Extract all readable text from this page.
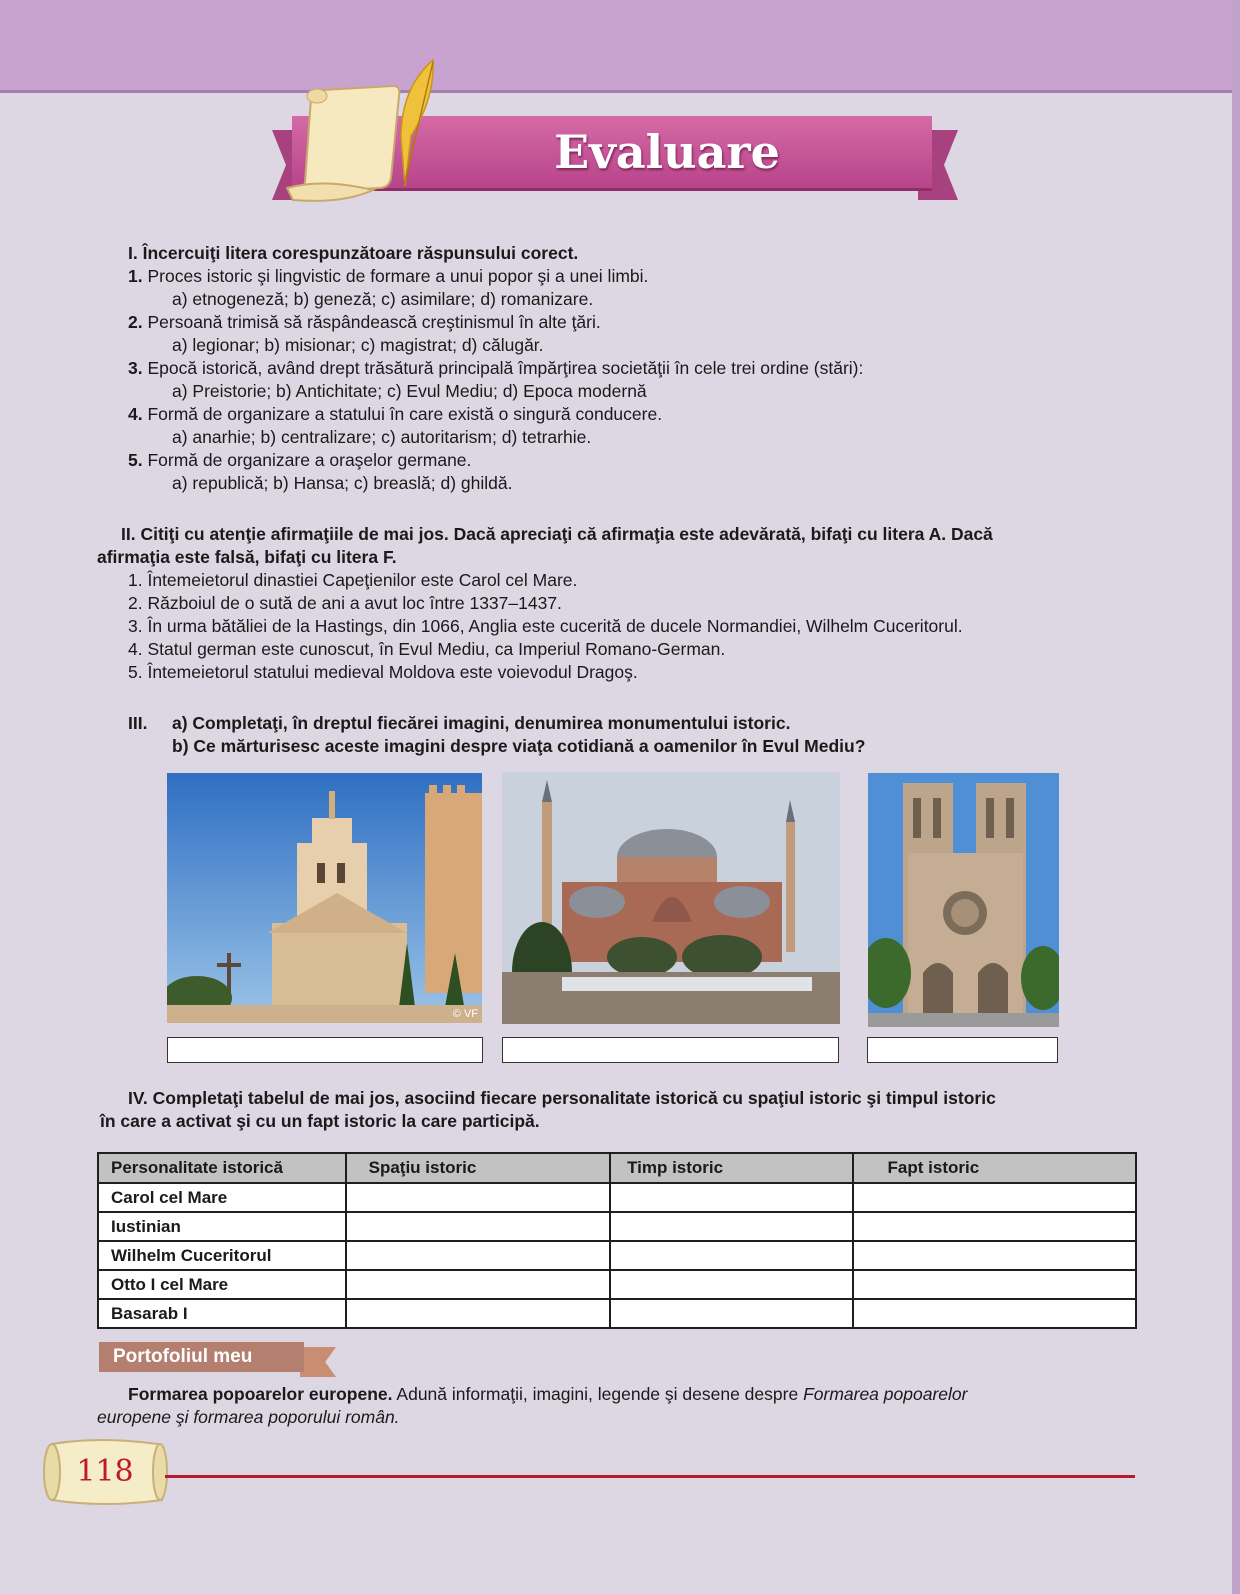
Evaluare
I. Încercuiţi litera corespunzătoare răspunsului corect.
1. Proces istoric şi lingvistic de formare a unui popor şi a unei limbi.
a) etnogeneză; b) geneză; c) asimilare; d) romanizare.
2. Persoană trimisă să răspândească creştinismul în alte ţări.
a) legionar; b) misionar; c) magistrat; d) călugăr.
3. Epocă istorică, având drept trăsătură principală împărţirea societăţii în cele trei ordine (stări):
a) Preistorie; b) Antichitate; c) Evul Mediu; d) Epoca modernă
4. Formă de organizare a statului în care există o singură conducere.
a) anarhie; b) centralizare; c) autoritarism; d) tetrarhie.
5. Formă de organizare a oraşelor germane.
a) republică; b) Hansa; c) breaslă; d) ghildă.
II. Citiţi cu atenţie afirmaţiile de mai jos. Dacă apreciaţi că afirmaţia este adevărată, bifaţi cu litera A. Dacă
afirmaţia este falsă, bifaţi cu litera F.
1. Întemeietorul dinastiei Capeţienilor este Carol cel Mare.
2. Războiul de o sută de ani a avut loc între 1337–1437.
3. În urma bătăliei de la Hastings, din 1066, Anglia este cucerită de ducele Normandiei, Wilhelm Cuceritorul.
4. Statul german este cunoscut, în Evul Mediu, ca Imperiul Romano-German.
5. Întemeietorul statului medieval Moldova este voievodul Dragoş.
III. a) Completaţi, în dreptul fiecărei imagini, denumirea monumentului istoric.
b) Ce mărturisesc aceste imagini despre viaţa cotidiană a oamenilor în Evul Mediu?
© VF
IV. Completaţi tabelul de mai jos, asociind fiecare personalitate istorică cu spaţiul istoric şi timpul istoric
în care a activat şi cu un fapt istoric la care participă.
Personalitate istorică	Spaţiu istoric	Timp istoric	Fapt istoric
Carol cel Mare			
Iustinian			
Wilhelm Cuceritorul			
Otto I cel Mare			
Basarab I			
Portofoliul meu
Formarea popoarelor europene. Adună informaţii, imagini, legende şi desene despre Formarea popoarelor
europene şi formarea poporului român.
118
